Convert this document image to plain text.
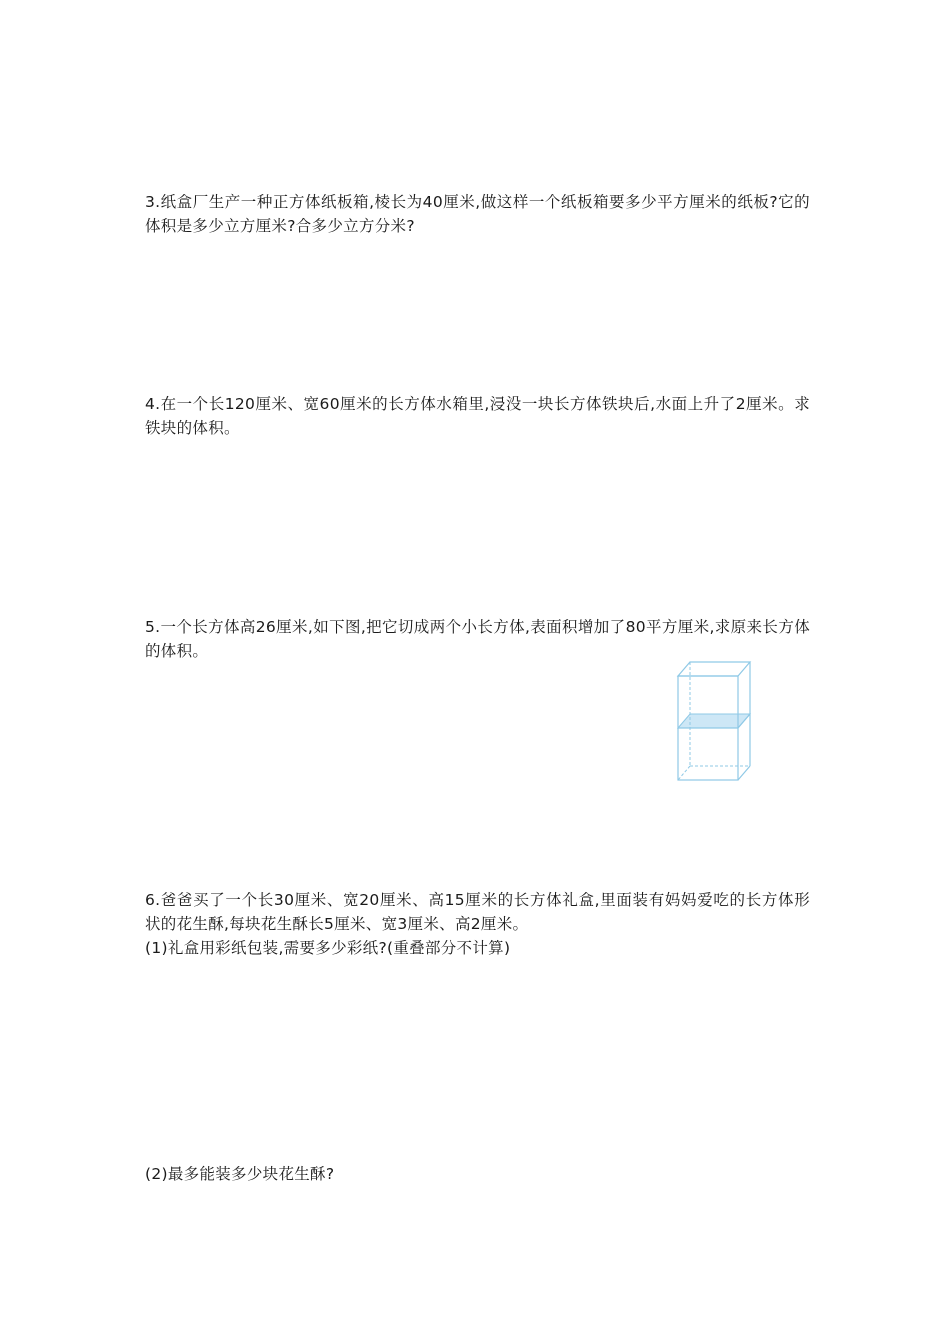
3.纸盒厂生产一种正方体纸板箱,棱长为40厘米,做这样一个纸板箱要多少平方厘米的纸板?它的体积是多少立方厘米?合多少立方分米?

4.在一个长120厘米、宽60厘米的长方体水箱里,浸没一块长方体铁块后,水面上升了2厘米。求铁块的体积。

5.一个长方体高26厘米,如下图,把它切成两个小长方体,表面积增加了80平方厘米,求原来长方体的体积。

6.爸爸买了一个长30厘米、宽20厘米、高15厘米的长方体礼盒,里面装有妈妈爱吃的长方体形状的花生酥,每块花生酥长5厘米、宽3厘米、高2厘米。

(1)礼盒用彩纸包装,需要多少彩纸?(重叠部分不计算)

(2)最多能装多少块花生酥?
